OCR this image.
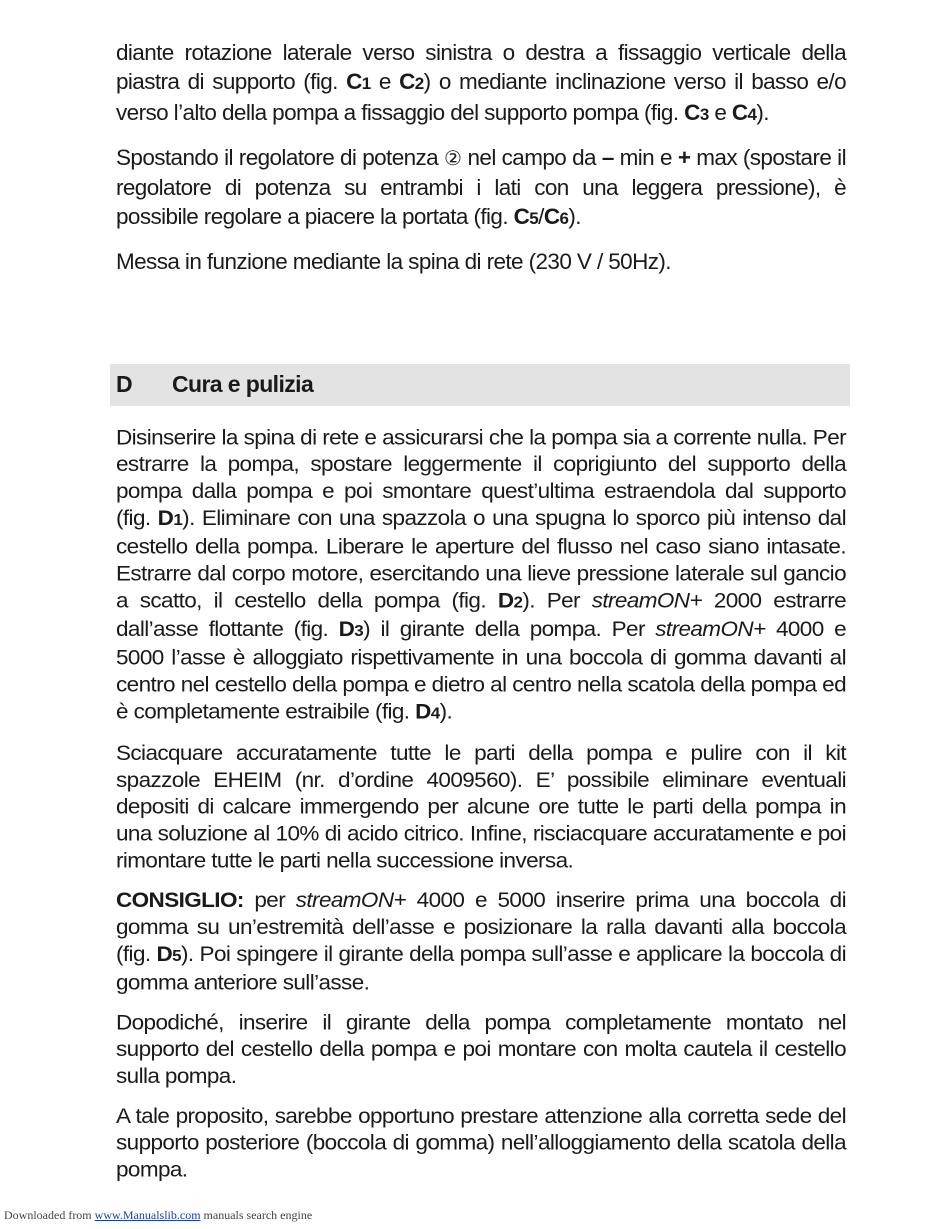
diante rotazione laterale verso sinistra o destra a fissaggio verticale della piastra di supporto (fig. C1 e C2) o mediante inclinazione verso il basso e/o verso l’alto della pompa a fissaggio del supporto pompa (fig. C3 e C4).

Spostando il regolatore di potenza ② nel campo da – min e + max (spostare il regolatore di potenza su entrambi i lati con una leggera pressione), è possibile regolare a piacere la portata (fig. C5/C6).

Messa in funzione mediante la spina di rete (230 V / 50Hz).

D Cura e pulizia

Disinserire la spina di rete e assicurarsi che la pompa sia a corrente nulla. Per estrarre la pompa, spostare leggermente il coprigiunto del supporto della pompa dalla pompa e poi smontare quest’ultima estraendola dal supporto (fig. D1). Eliminare con una spazzola o una spugna lo sporco più intenso dal cestello della pompa. Liberare le aperture del flusso nel caso siano intasate. Estrarre dal corpo motore, esercitando una lieve pressione laterale sul gancio a scatto, il cestello della pompa (fig. D2). Per streamON+ 2000 estrarre dall’asse flottante (fig. D3) il girante della pompa. Per streamON+ 4000 e 5000 l’asse è alloggiato rispettivamente in una boccola di gomma davanti al centro nel cestello della pompa e dietro al centro nella scatola della pompa ed è completamente estraibile (fig. D4).

Sciacquare accuratamente tutte le parti della pompa e pulire con il kit spazzole EHEIM (nr. d’ordine 4009560). E’ possibile eliminare eventuali depositi di calcare immergendo per alcune ore tutte le parti della pompa in una soluzione al 10% di acido citrico. Infine, risciacquare accuratamente e poi rimontare tutte le parti nella successione inversa.

CONSIGLIO: per streamON+ 4000 e 5000 inserire prima una boccola di gomma su un’estremità dell’asse e posizionare la ralla davanti alla boccola (fig. D5). Poi spingere il girante della pompa sull’asse e applicare la boccola di gomma anteriore sull’asse.

Dopodiché, inserire il girante della pompa completamente montato nel supporto del cestello della pompa e poi montare con molta cautela il cestello sulla pompa.

A tale proposito, sarebbe opportuno prestare attenzione alla corretta sede del supporto posteriore (boccola di gomma) nell’alloggiamento della scatola della pompa.

Downloaded from www.Manualslib.com manuals search engine
